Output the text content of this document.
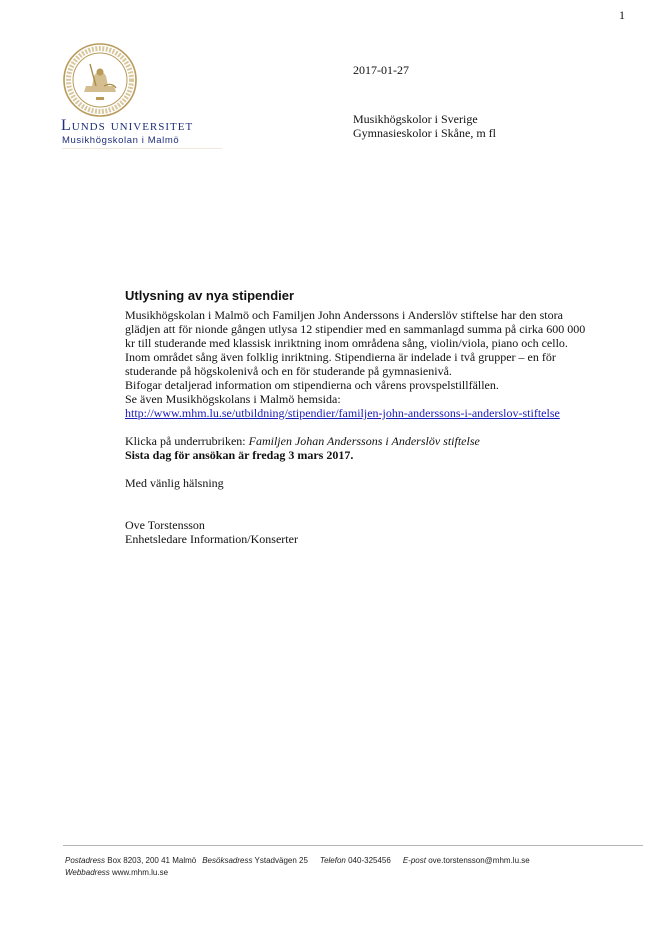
1
Lunds universitet
Musikhögskolan i Malmö
2017-01-27
Musikhögskolor i Sverige
Gymnasieskolor i Skåne, m fl
Utlysning av nya stipendier

Musikhögskolan i Malmö och Familjen John Anderssons i Anderslöv stiftelse har den stora glädjen att för nionde gången utlysa 12 stipendier med en sammanlagd summa på cirka 600 000 kr till studerande med klassisk inriktning inom områdena sång, violin/viola, piano och cello. Inom området sång även folklig inriktning. Stipendierna är indelade i två grupper – en för studerande på högskolenivå och en för studerande på gymnasienivå.

Bifogar detaljerad information om stipendierna och vårens provspelstillfällen.

Se även Musikhögskolans i Malmö hemsida:

http://www.mhm.lu.se/utbildning/stipendier/familjen-john-anderssons-i-anderslov-stiftelse

Klicka på underrubriken: Familjen Johan Anderssons i Anderslöv stiftelse

Sista dag för ansökan är fredag 3 mars 2017.

Med vänlig hälsning

Ove Torstensson

Enhetsledare Information/Konserter

Postadress Box 8203, 200 41 Malmö Besöksadress Ystadvägen 25 Telefon 040-325456 E-post ove.torstensson@mhm.lu.se
Webbadress www.mhm.lu.se
